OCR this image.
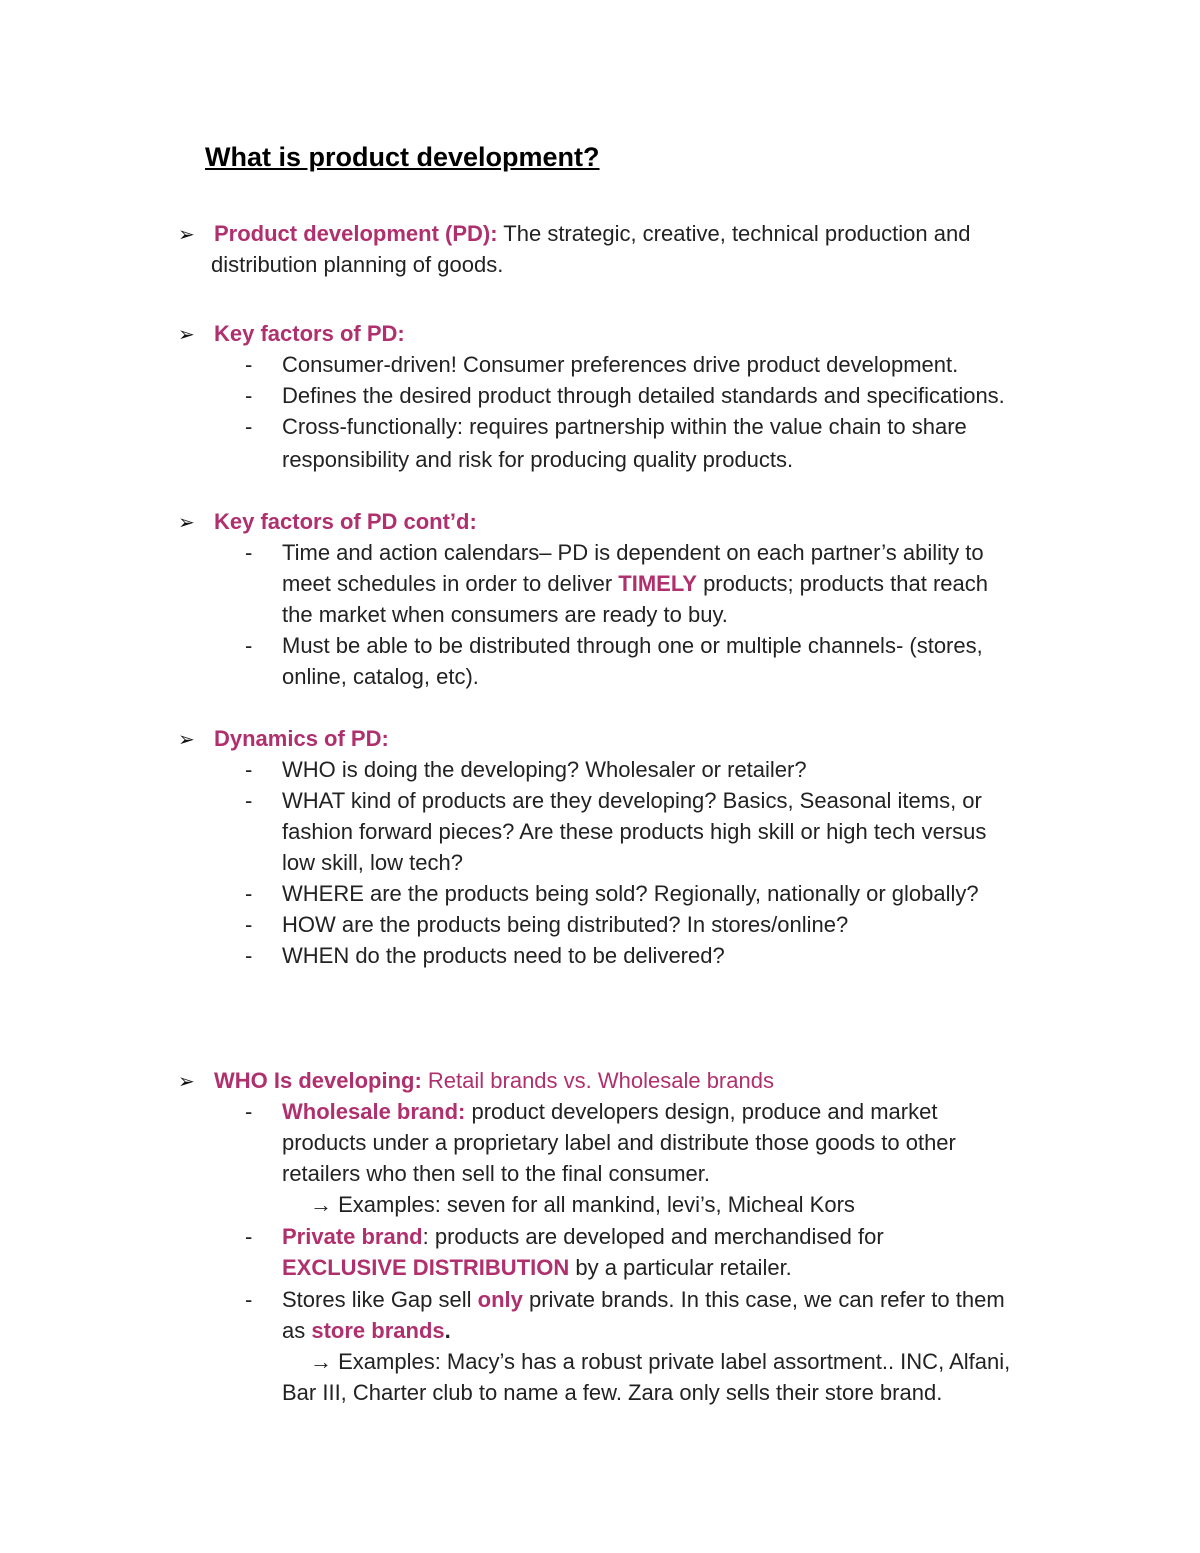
What is product development?
➢ Product development (PD): The strategic, creative, technical production and
distribution planning of goods.
➢ Key factors of PD:
- Consumer-driven! Consumer preferences drive product development.
- Defines the desired product through detailed standards and specifications.
- Cross-functionally: requires partnership within the value chain to share
responsibility and risk for producing quality products.
➢ Key factors of PD cont’d:
- Time and action calendars– PD is dependent on each partner’s ability to
meet schedules in order to deliver TIMELY products; products that reach
the market when consumers are ready to buy.
- Must be able to be distributed through one or multiple channels- (stores,
online, catalog, etc).
➢ Dynamics of PD:
- WHO is doing the developing? Wholesaler or retailer?
- WHAT kind of products are they developing? Basics, Seasonal items, or
fashion forward pieces? Are these products high skill or high tech versus
low skill, low tech?
- WHERE are the products being sold? Regionally, nationally or globally?
- HOW are the products being distributed? In stores/online?
- WHEN do the products need to be delivered?
➢ WHO Is developing: Retail brands vs. Wholesale brands
- Wholesale brand: product developers design, produce and market
products under a proprietary label and distribute those goods to other
retailers who then sell to the final consumer.
→ Examples: seven for all mankind, levi’s, Micheal Kors
- Private brand: products are developed and merchandised for
EXCLUSIVE DISTRIBUTION by a particular retailer.
- Stores like Gap sell only private brands. In this case, we can refer to them
as store brands.
→ Examples: Macy’s has a robust private label assortment.. INC, Alfani,
Bar III, Charter club to name a few. Zara only sells their store brand.
